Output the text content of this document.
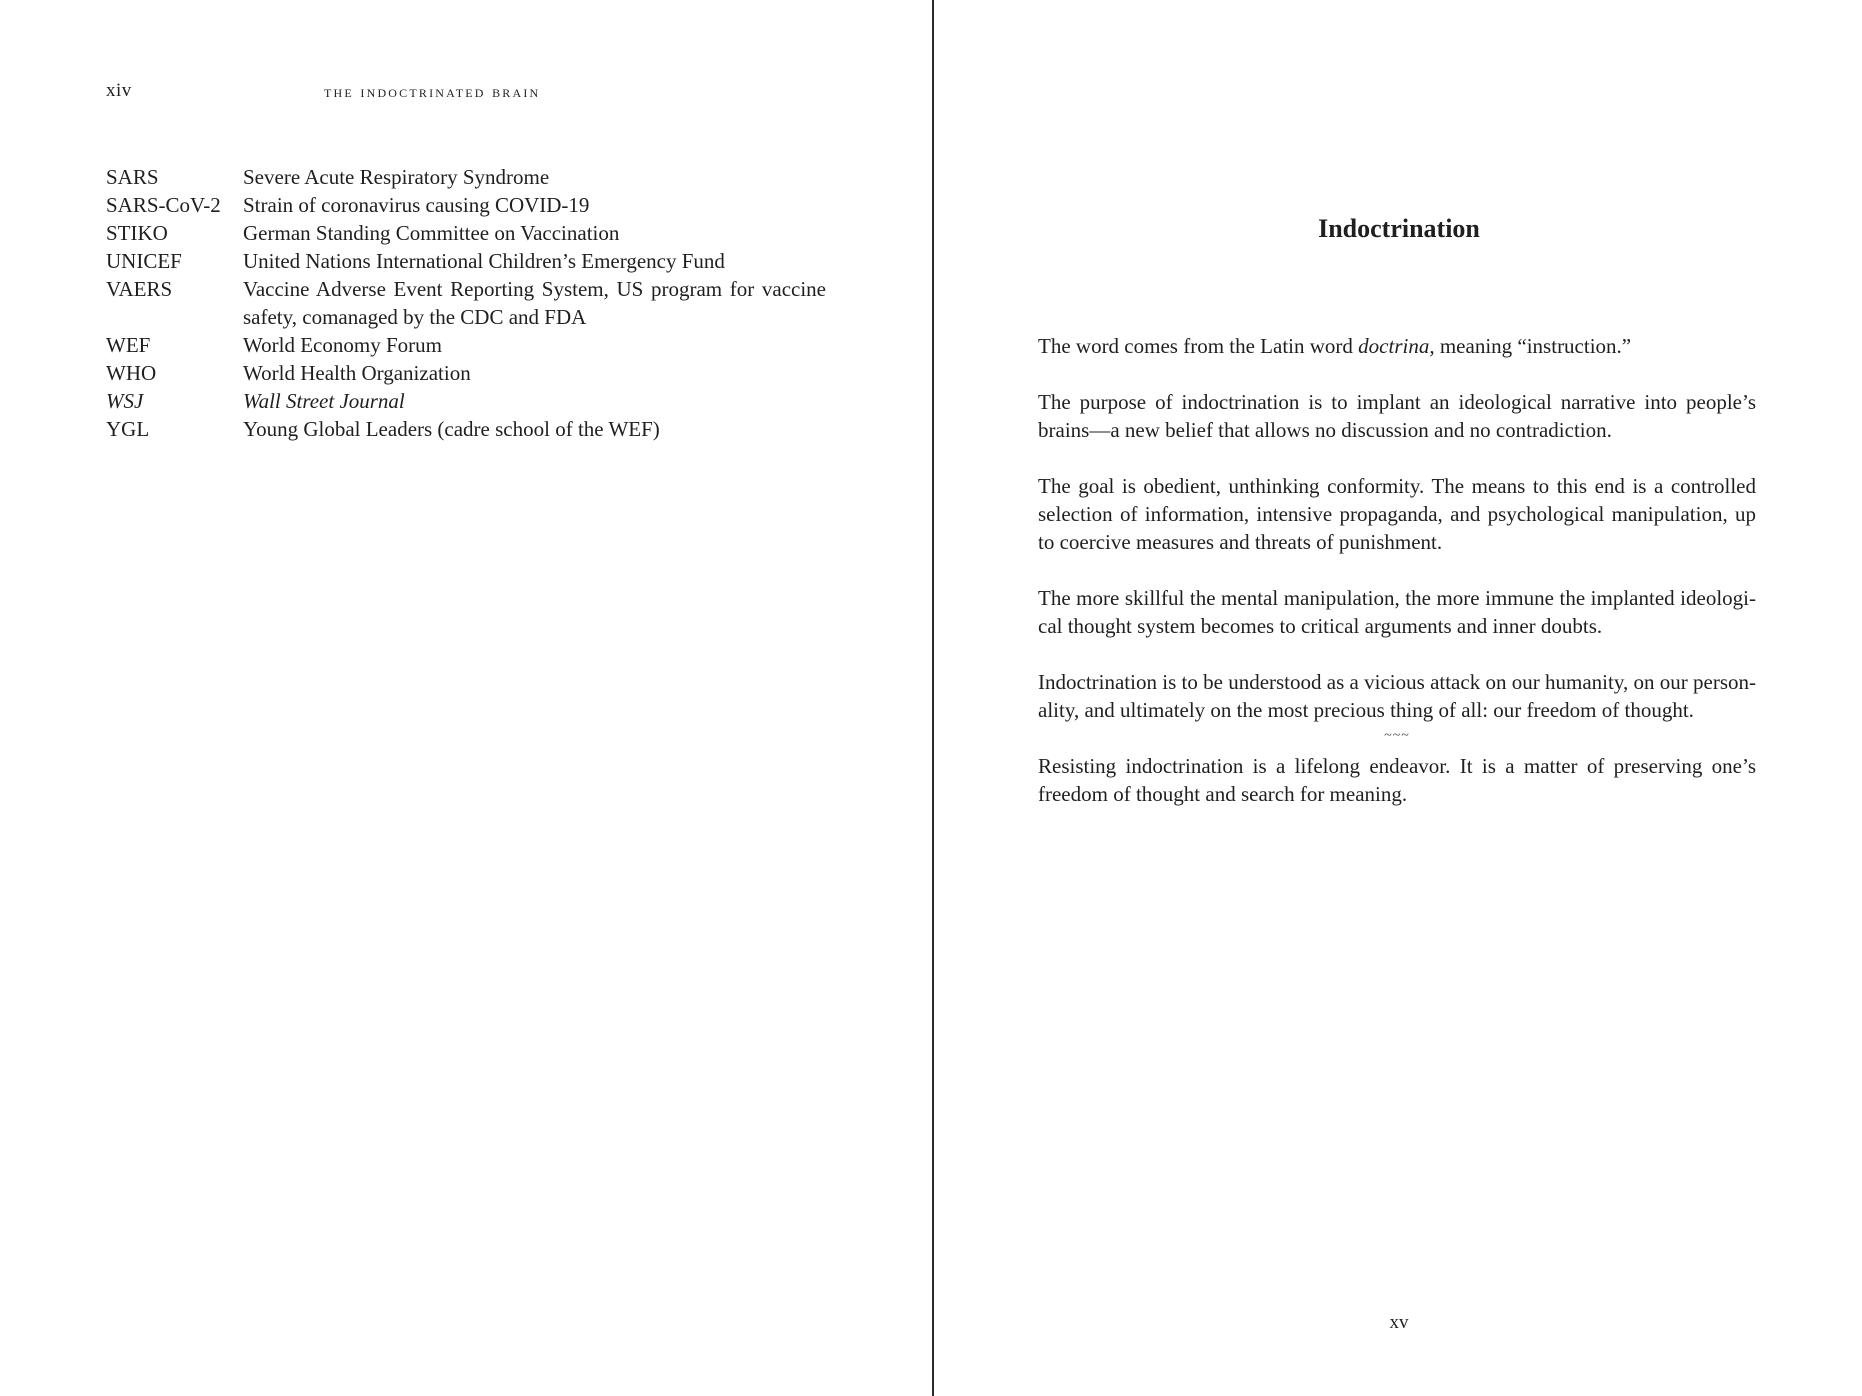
xiv	the indoctrinated brain
SARS	Severe Acute Respiratory Syndrome
SARS-CoV-2	Strain of coronavirus causing COVID-19
STIKO	German Standing Committee on Vaccination
UNICEF	United Nations International Children’s Emergency Fund
VAERS	Vaccine Adverse Event Reporting System, US program for vaccine safety, comanaged by the CDC and FDA
WEF	World Economy Forum
WHO	World Health Organization
WSJ	Wall Street Journal
YGL	Young Global Leaders (cadre school of the WEF)
Indoctrination

The word comes from the Latin word doctrina, meaning “instruction.”

The purpose of indoctrination is to implant an ideological narrative into people’s brains—a new belief that allows no discussion and no contradiction.

The goal is obedient, unthinking conformity. The means to this end is a controlled selection of information, intensive propaganda, and psychological manipulation, up to coercive measures and threats of punishment.

The more skillful the mental manipulation, the more immune the implanted ideological thought system becomes to critical arguments and inner doubts.

Indoctrination is to be understood as a vicious attack on our humanity, on our personality, and ultimately on the most precious thing of all: our freedom of thought.

~~~

Resisting indoctrination is a lifelong endeavor. It is a matter of preserving one’s freedom of thought and search for meaning.

xv
